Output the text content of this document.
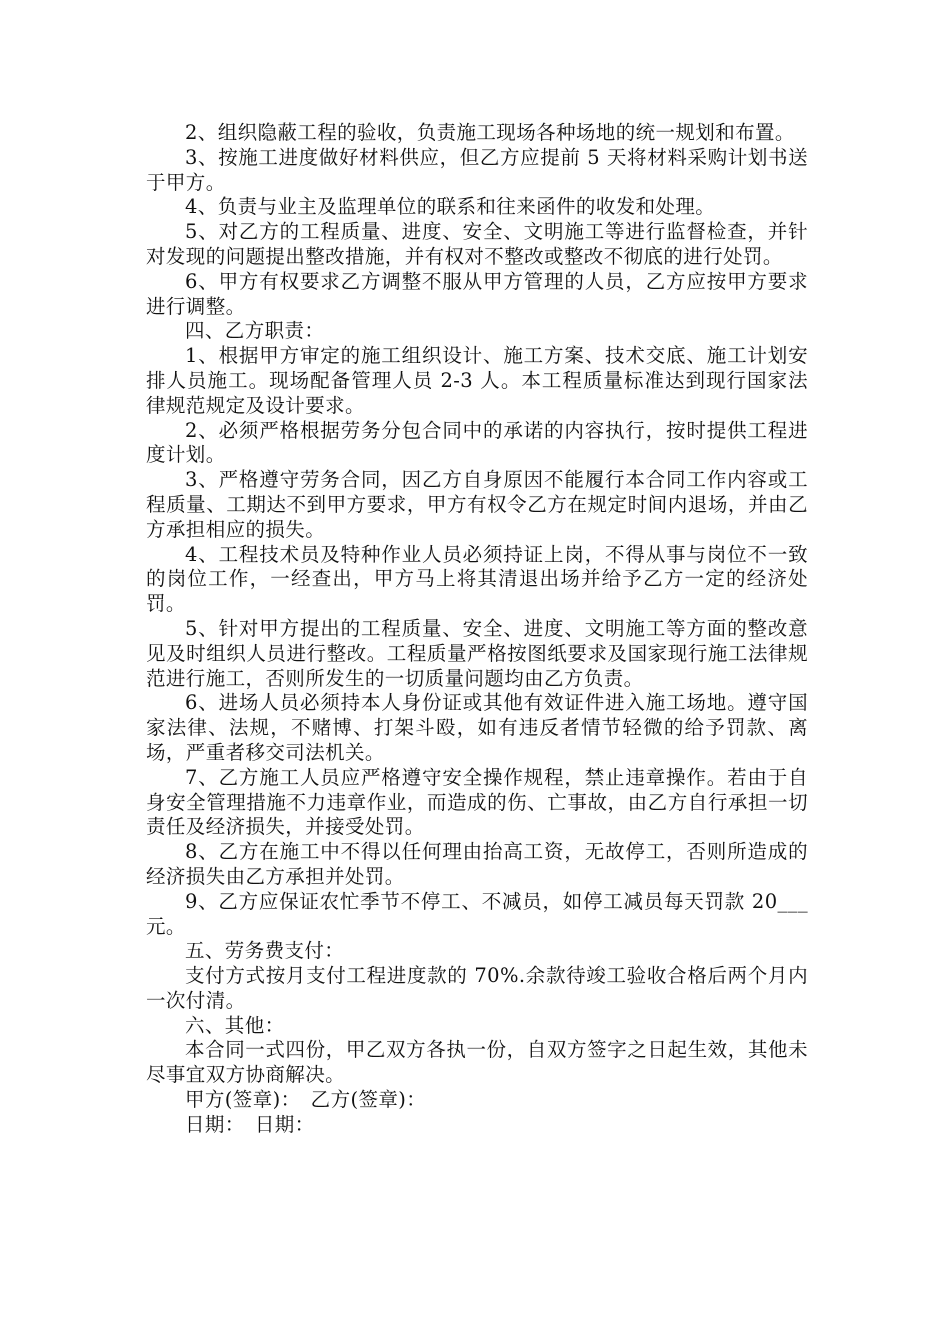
2、组织隐蔽工程的验收，负责施工现场各种场地的统一规划和布置。

3、按施工进度做好材料供应，但乙方应提前 5 天将材料采购计划书送于甲方。

4、负责与业主及监理单位的联系和往来函件的收发和处理。

5、对乙方的工程质量、进度、安全、文明施工等进行监督检查，并针对发现的问题提出整改措施，并有权对不整改或整改不彻底的进行处罚。

6、甲方有权要求乙方调整不服从甲方管理的人员，乙方应按甲方要求进行调整。

四、乙方职责：

1、根据甲方审定的施工组织设计、施工方案、技术交底、施工计划安排人员施工。现场配备管理人员 2-3 人。本工程质量标准达到现行国家法律规范规定及设计要求。

2、必须严格根据劳务分包合同中的承诺的内容执行，按时提供工程进度计划。

3、严格遵守劳务合同，因乙方自身原因不能履行本合同工作内容或工程质量、工期达不到甲方要求，甲方有权令乙方在规定时间内退场，并由乙方承担相应的损失。

4、工程技术员及特种作业人员必须持证上岗，不得从事与岗位不一致的岗位工作，一经查出，甲方马上将其清退出场并给予乙方一定的经济处罚。

5、针对甲方提出的工程质量、安全、进度、文明施工等方面的整改意见及时组织人员进行整改。工程质量严格按图纸要求及国家现行施工法律规范进行施工，否则所发生的一切质量问题均由乙方负责。

6、进场人员必须持本人身份证或其他有效证件进入施工场地。遵守国家法律、法规，不赌博、打架斗殴，如有违反者情节轻微的给予罚款、离场，严重者移交司法机关。

7、乙方施工人员应严格遵守安全操作规程，禁止违章操作。若由于自身安全管理措施不力违章作业，而造成的伤、亡事故，由乙方自行承担一切责任及经济损失，并接受处罚。

8、乙方在施工中不得以任何理由抬高工资，无故停工，否则所造成的经济损失由乙方承担并处罚。

9、乙方应保证农忙季节不停工、不减员，如停工减员每天罚款 20___元。

五、劳务费支付：

支付方式按月支付工程进度款的 70%.余款待竣工验收合格后两个月内一次付清。

六、其他：

本合同一式四份，甲乙双方各执一份，自双方签字之日起生效，其他未尽事宜双方协商解决。

甲方(签章)：　乙方(签章)：

日期：　日期：
